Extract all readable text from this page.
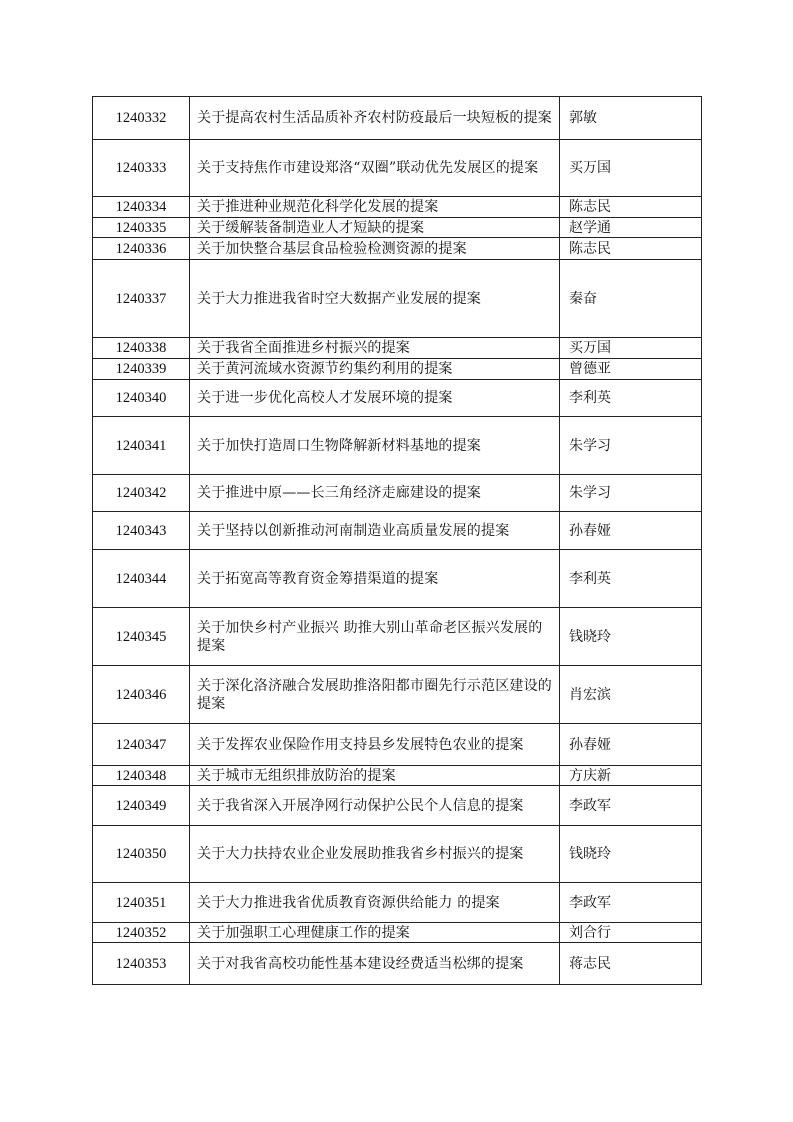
1240332	关于提高农村生活品质补齐农村防疫最后一块短板的提案	郭敏
1240333	关于支持焦作市建设郑洛“双圈”联动优先发展区的提案	买万国
1240334	关于推进种业规范化科学化发展的提案	陈志民
1240335	关于缓解装备制造业人才短缺的提案	赵学通
1240336	关于加快整合基层食品检验检测资源的提案	陈志民
1240337	关于大力推进我省时空大数据产业发展的提案	秦奋
1240338	关于我省全面推进乡村振兴的提案	买万国
1240339	关于黄河流域水资源节约集约利用的提案	曾德亚
1240340	关于进一步优化高校人才发展环境的提案	李利英
1240341	关于加快打造周口生物降解新材料基地的提案	朱学习
1240342	关于推进中原——长三角经济走廊建设的提案	朱学习
1240343	关于坚持以创新推动河南制造业高质量发展的提案	孙春娅
1240344	关于拓宽高等教育资金筹措渠道的提案	李利英
1240345	关于加快乡村产业振兴 助推大别山革命老区振兴发展的提案	钱晓玲
1240346	关于深化洛济融合发展助推洛阳都市圈先行示范区建设的提案	肖宏滨
1240347	关于发挥农业保险作用支持县乡发展特色农业的提案	孙春娅
1240348	关于城市无组织排放防治的提案	方庆新
1240349	关于我省深入开展净网行动保护公民个人信息的提案	李政军
1240350	关于大力扶持农业企业发展助推我省乡村振兴的提案	钱晓玲
1240351	关于大力推进我省优质教育资源供给能力 的提案	李政军
1240352	关于加强职工心理健康工作的提案	刘合行
1240353	关于对我省高校功能性基本建设经费适当松绑的提案	蒋志民
